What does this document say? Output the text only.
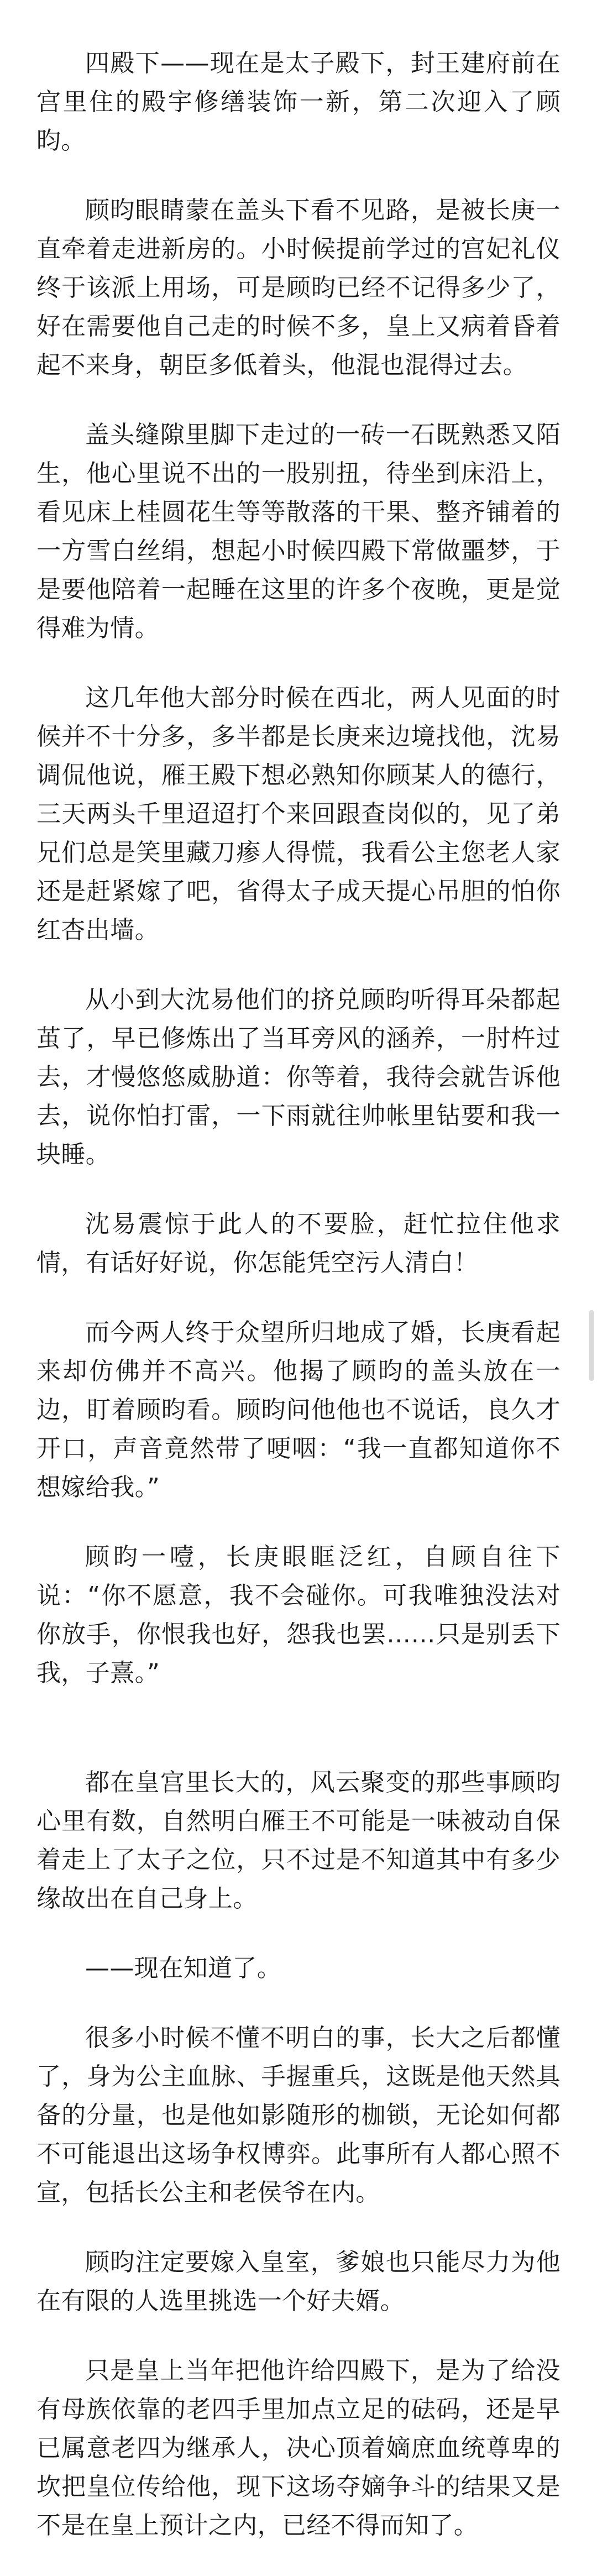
四殿下——现在是太子殿下，封王建府前在宫里住的殿宇修缮装饰一新，第二次迎入了顾昀。

顾昀眼睛蒙在盖头下看不见路，是被长庚一直牵着走进新房的。小时候提前学过的宫妃礼仪终于该派上用场，可是顾昀已经不记得多少了，好在需要他自己走的时候不多，皇上又病着昏着起不来身，朝臣多低着头，他混也混得过去。

盖头缝隙里脚下走过的一砖一石既熟悉又陌生，他心里说不出的一股别扭，待坐到床沿上，看见床上桂圆花生等等散落的干果、整齐铺着的一方雪白丝绢，想起小时候四殿下常做噩梦，于是要他陪着一起睡在这里的许多个夜晚，更是觉得难为情。

这几年他大部分时候在西北，两人见面的时候并不十分多，多半都是长庚来边境找他，沈易调侃他说，雁王殿下想必熟知你顾某人的德行，三天两头千里迢迢打个来回跟查岗似的，见了弟兄们总是笑里藏刀瘆人得慌，我看公主您老人家还是赶紧嫁了吧，省得太子成天提心吊胆的怕你红杏出墙。

从小到大沈易他们的挤兑顾昀听得耳朵都起茧了，早已修炼出了当耳旁风的涵养，一肘杵过去，才慢悠悠威胁道：你等着，我待会就告诉他去，说你怕打雷，一下雨就往帅帐里钻要和我一块睡。

沈易震惊于此人的不要脸，赶忙拉住他求情，有话好好说，你怎能凭空污人清白！

而今两人终于众望所归地成了婚，长庚看起来却仿佛并不高兴。他揭了顾昀的盖头放在一边，盯着顾昀看。顾昀问他他也不说话，良久才开口，声音竟然带了哽咽：“我一直都知道你不想嫁给我。”

顾昀一噎，长庚眼眶泛红，自顾自往下说：“你不愿意，我不会碰你。可我唯独没法对你放手，你恨我也好，怨我也罢……只是别丢下我，子熹。”

都在皇宫里长大的，风云聚变的那些事顾昀心里有数，自然明白雁王不可能是一味被动自保着走上了太子之位，只不过是不知道其中有多少缘故出在自己身上。

——现在知道了。

很多小时候不懂不明白的事，长大之后都懂了，身为公主血脉、手握重兵，这既是他天然具备的分量，也是他如影随形的枷锁，无论如何都不可能退出这场争权博弈。此事所有人都心照不宣，包括长公主和老侯爷在内。

顾昀注定要嫁入皇室，爹娘也只能尽力为他在有限的人选里挑选一个好夫婿。

只是皇上当年把他许给四殿下，是为了给没有母族依靠的老四手里加点立足的砝码，还是早已属意老四为继承人，决心顶着嫡庶血统尊卑的坎把皇位传给他，现下这场夺嫡争斗的结果又是不是在皇上预计之内，已经不得而知了。
